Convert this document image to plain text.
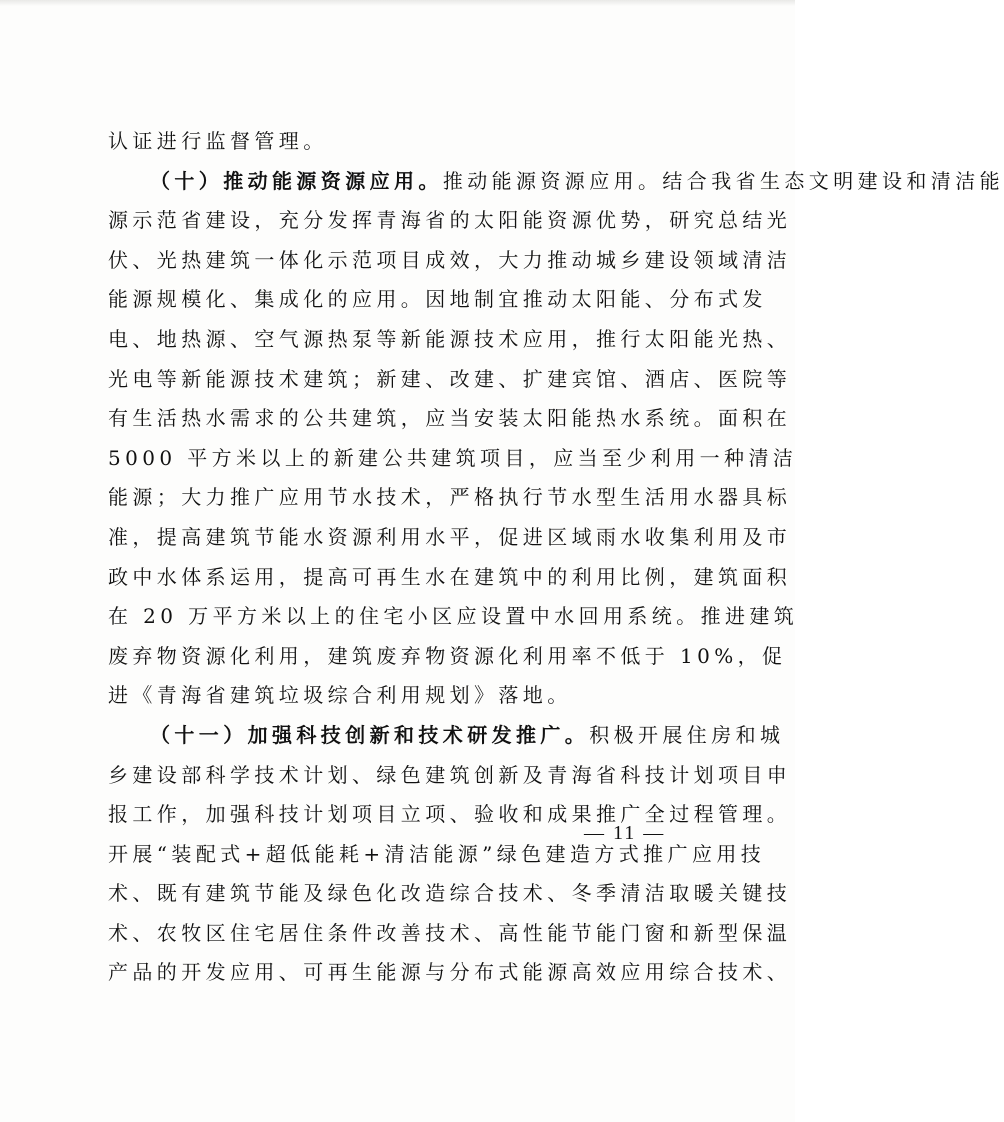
认证进行监督管理。
（十）推动能源资源应用。推动能源资源应用。结合我省生态文明建设和清洁能
源示范省建设，充分发挥青海省的太阳能资源优势，研究总结光
伏、光热建筑一体化示范项目成效，大力推动城乡建设领域清洁
能源规模化、集成化的应用。因地制宜推动太阳能、分布式发
电、地热源、空气源热泵等新能源技术应用，推行太阳能光热、
光电等新能源技术建筑；新建、改建、扩建宾馆、酒店、医院等
有生活热水需求的公共建筑，应当安装太阳能热水系统。面积在
5000 平方米以上的新建公共建筑项目，应当至少利用一种清洁
能源；大力推广应用节水技术，严格执行节水型生活用水器具标
准，提高建筑节能水资源利用水平，促进区域雨水收集利用及市
政中水体系运用，提高可再生水在建筑中的利用比例，建筑面积
在 20 万平方米以上的住宅小区应设置中水回用系统。推进建筑
废弃物资源化利用，建筑废弃物资源化利用率不低于 10%，促
进《青海省建筑垃圾综合利用规划》落地。
（十一）加强科技创新和技术研发推广。积极开展住房和城
乡建设部科学技术计划、绿色建筑创新及青海省科技计划项目申
报工作，加强科技计划项目立项、验收和成果推广全过程管理。
开展“装配式+超低能耗+清洁能源”绿色建造方式推广应用技
术、既有建筑节能及绿色化改造综合技术、冬季清洁取暖关键技
术、农牧区住宅居住条件改善技术、高性能节能门窗和新型保温
产品的开发应用、可再生能源与分布式能源高效应用综合技术、
— 11 —
